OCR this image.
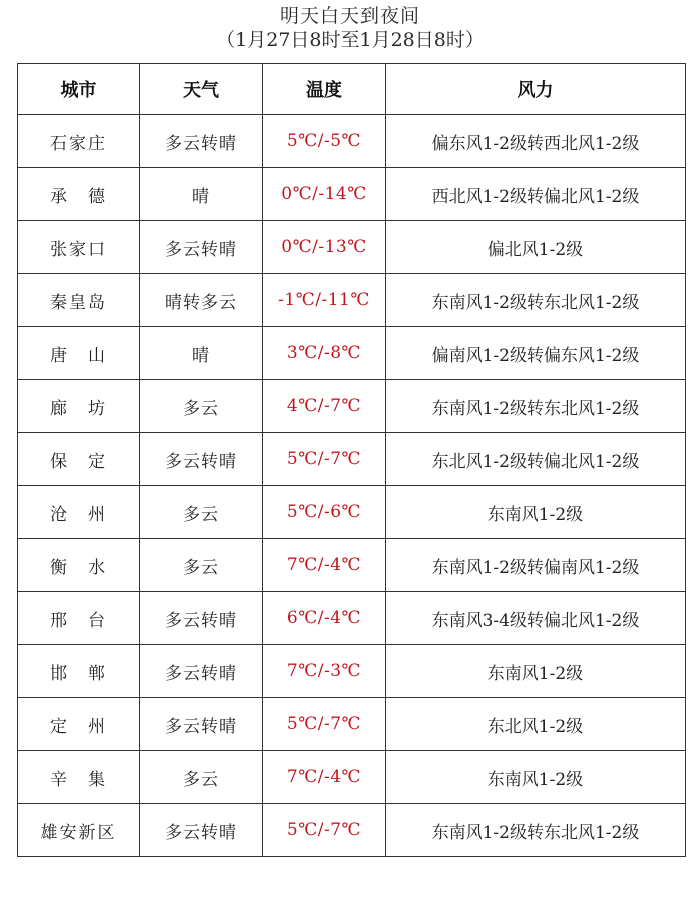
明天白天到夜间
（1月27日8时至1月28日8时）
城市	天气	温度	风力
石家庄	多云转晴	5℃/-5℃	偏东风1-2级转西北风1-2级
承　德	晴	0℃/-14℃	西北风1-2级转偏北风1-2级
张家口	多云转晴	0℃/-13℃	偏北风1-2级
秦皇岛	晴转多云	-1℃/-11℃	东南风1-2级转东北风1-2级
唐　山	晴	3℃/-8℃	偏南风1-2级转偏东风1-2级
廊　坊	多云	4℃/-7℃	东南风1-2级转东北风1-2级
保　定	多云转晴	5℃/-7℃	东北风1-2级转偏北风1-2级
沧　州	多云	5℃/-6℃	东南风1-2级
衡　水	多云	7℃/-4℃	东南风1-2级转偏南风1-2级
邢　台	多云转晴	6℃/-4℃	东南风3-4级转偏北风1-2级
邯　郸	多云转晴	7℃/-3℃	东南风1-2级
定　州	多云转晴	5℃/-7℃	东北风1-2级
辛　集	多云	7℃/-4℃	东南风1-2级
雄安新区	多云转晴	5℃/-7℃	东南风1-2级转东北风1-2级
